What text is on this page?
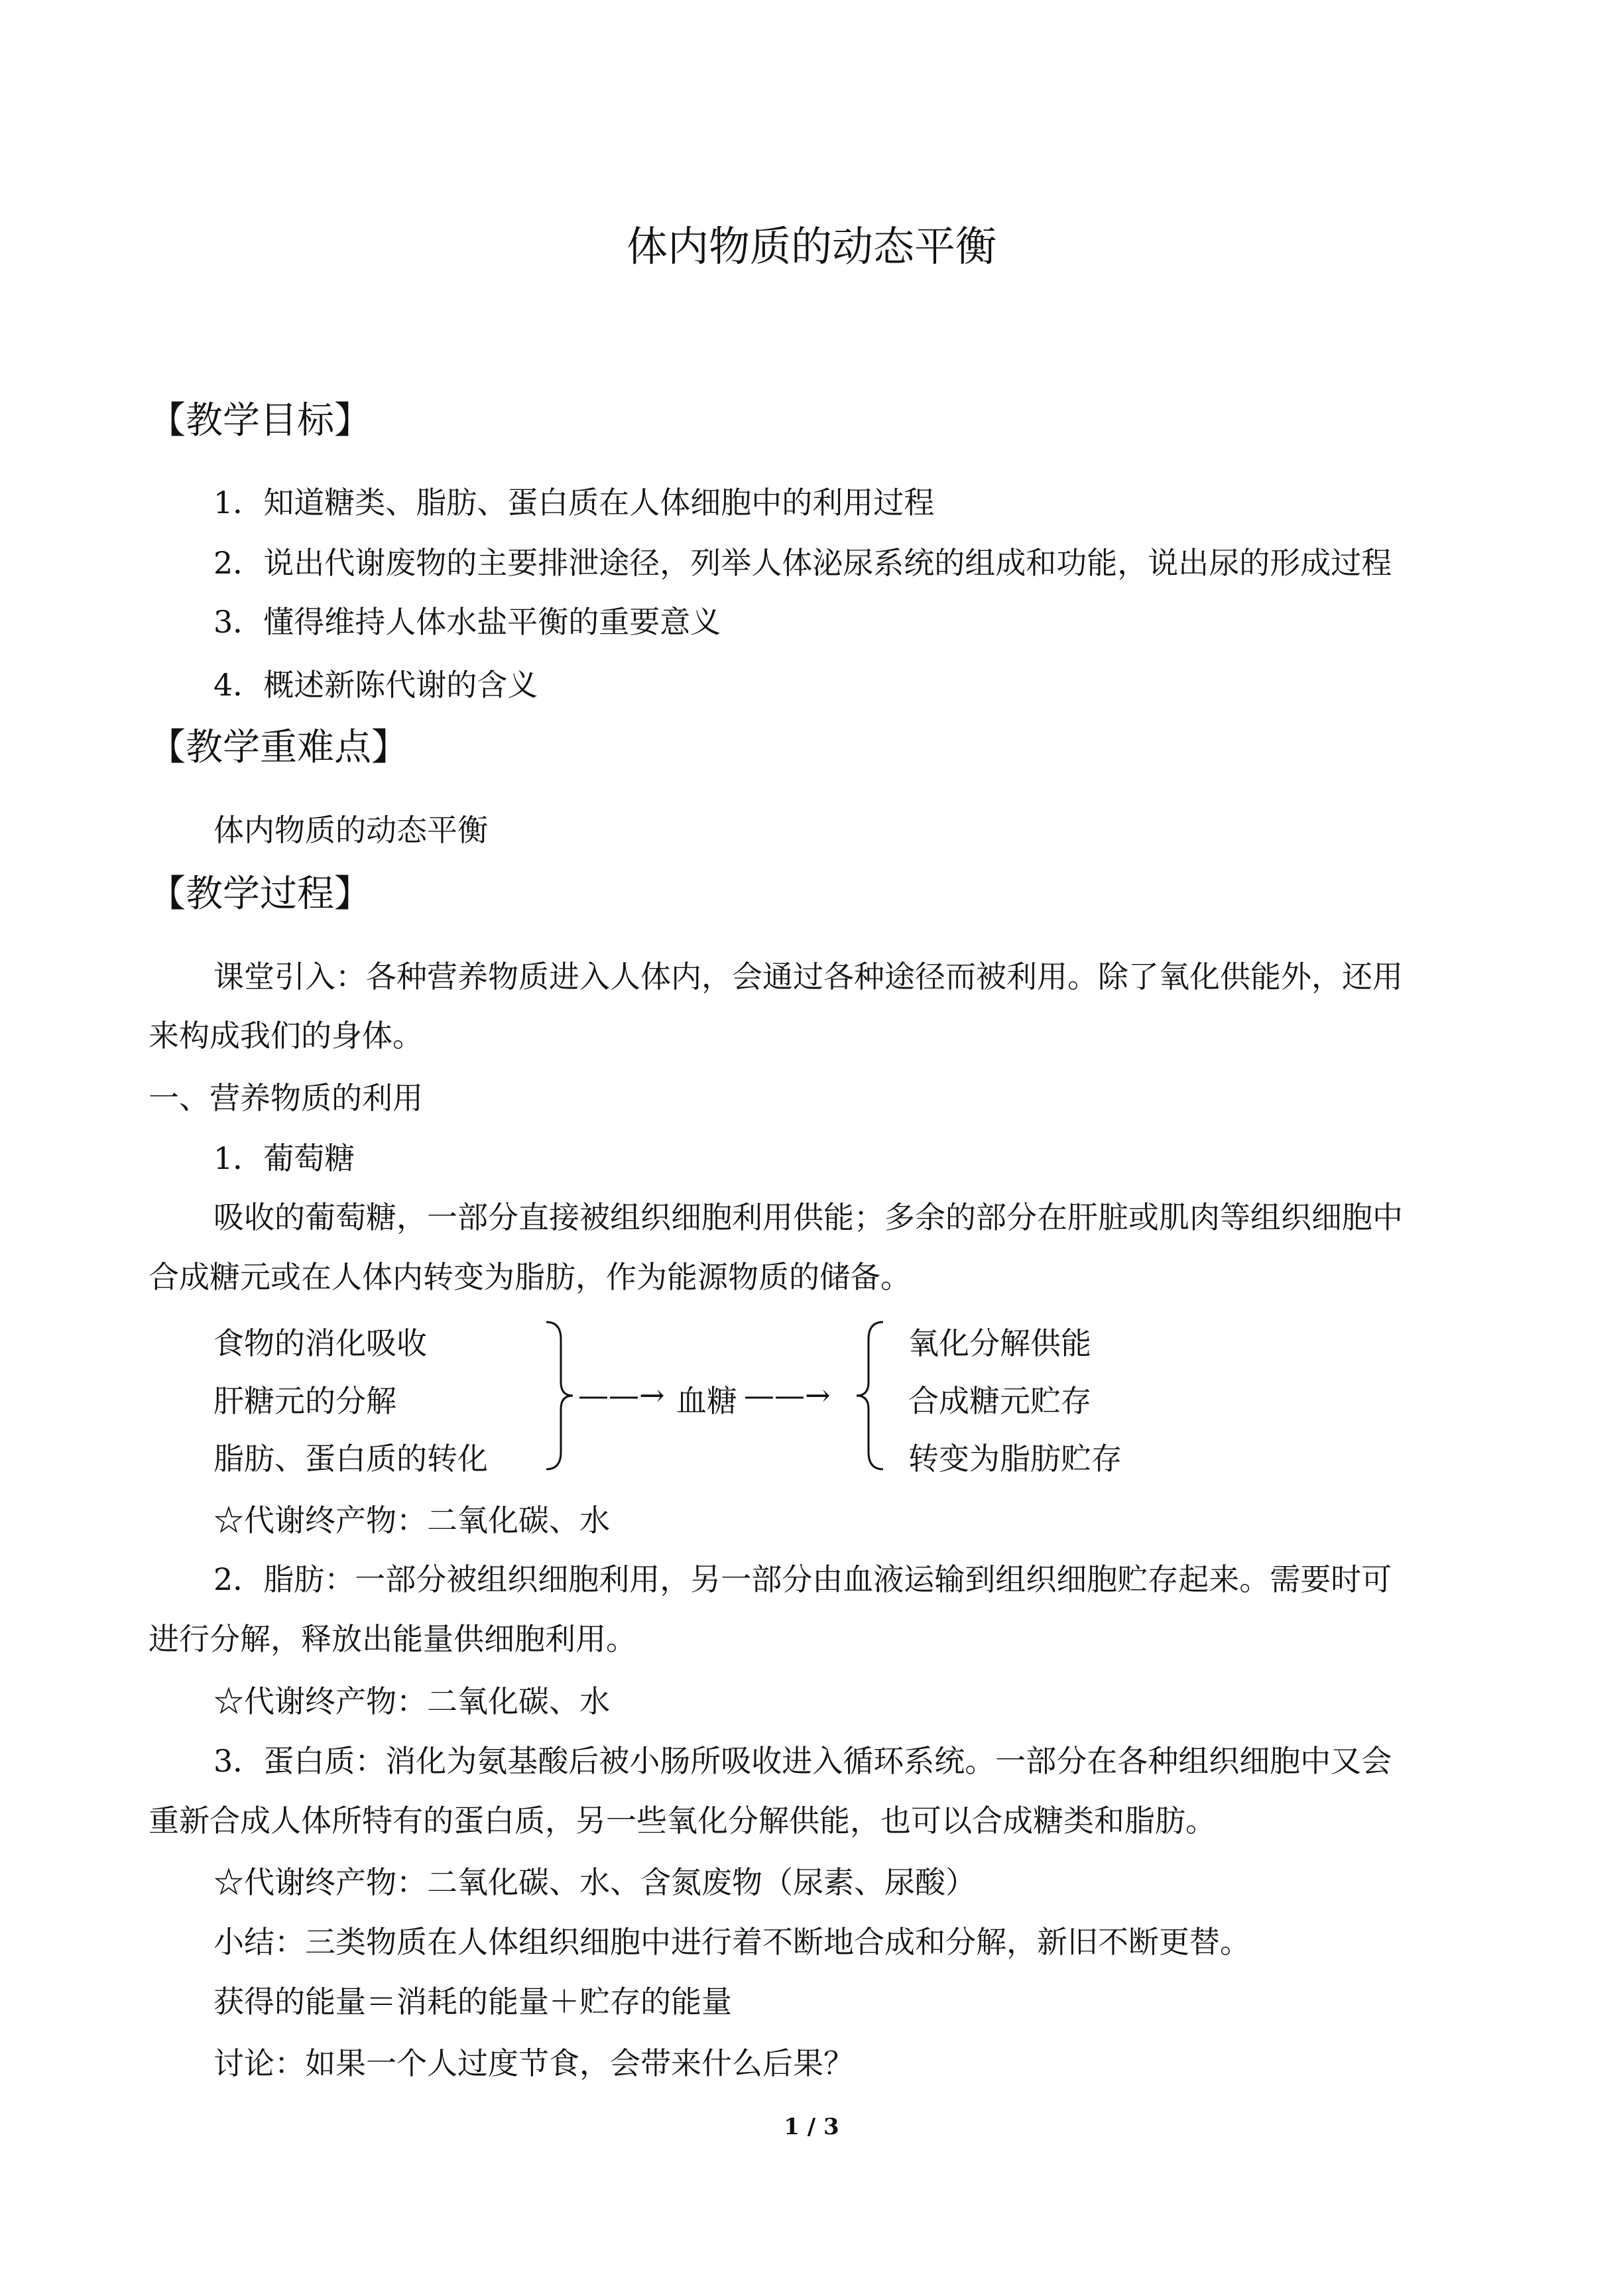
体内物质的动态平衡
【教学目标】
1．知道糖类、脂肪、蛋白质在人体细胞中的利用过程
2．说出代谢废物的主要排泄途径，列举人体泌尿系统的组成和功能，说出尿的形成过程
3．懂得维持人体水盐平衡的重要意义
4．概述新陈代谢的含义
【教学重难点】
体内物质的动态平衡
【教学过程】
课堂引入：各种营养物质进入人体内，会通过各种途径而被利用。除了氧化供能外，还用
来构成我们的身体。
一、营养物质的利用
1．葡萄糖
吸收的葡萄糖，一部分直接被组织细胞利用供能；多余的部分在肝脏或肌肉等组织细胞中
合成糖元或在人体内转变为脂肪，作为能源物质的储备。
食物的消化吸收
肝糖元的分解
脂肪、蛋白质的转化
——→ 血糖 ——→
氧化分解供能
合成糖元贮存
转变为脂肪贮存
☆代谢终产物：二氧化碳、水
2．脂肪：一部分被组织细胞利用，另一部分由血液运输到组织细胞贮存起来。需要时可
进行分解，释放出能量供细胞利用。
☆代谢终产物：二氧化碳、水
3．蛋白质：消化为氨基酸后被小肠所吸收进入循环系统。一部分在各种组织细胞中又会
重新合成人体所特有的蛋白质，另一些氧化分解供能，也可以合成糖类和脂肪。
☆代谢终产物：二氧化碳、水、含氮废物（尿素、尿酸）
小结：三类物质在人体组织细胞中进行着不断地合成和分解，新旧不断更替。
获得的能量＝消耗的能量＋贮存的能量
讨论：如果一个人过度节食，会带来什么后果？
1 / 3
